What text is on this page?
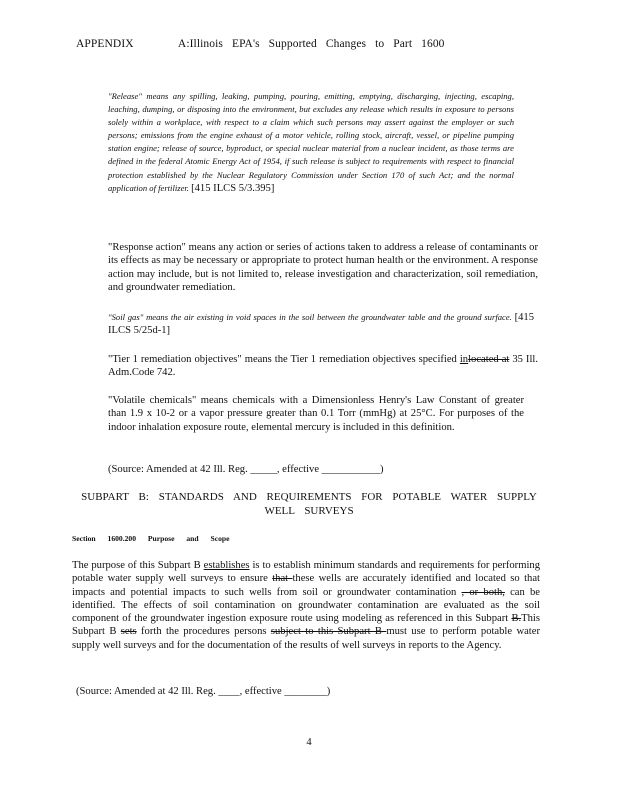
APPENDIX	A:Illinois EPA's Supported Changes to Part 1600
"Release" means any spilling, leaking, pumping, pouring, emitting, emptying, discharging, injecting, escaping, leaching, dumping, or disposing into the environment, but excludes any release which results in exposure to persons solely within a workplace, with respect to a claim which such persons may assert against the employer or such persons; emissions from the engine exhaust of a motor vehicle, rolling stock, aircraft, vessel, or pipeline pumping station engine; release of source, byproduct, or special nuclear material from a nuclear incident, as those terms are defined in the federal Atomic Energy Act of 1954, if such release is subject to requirements with respect to financial protection established by the Nuclear Regulatory Commission under Section 170 of such Act; and the normal application of fertilizer. [415 ILCS 5/3.395]
"Response action" means any action or series of actions taken to address a release of contaminants or its effects as may be necessary or appropriate to protect human health or the environment. A response action may include, but is not limited to, release investigation and characterization, soil remediation, and groundwater remediation.
"Soil gas" means the air existing in void spaces in the soil between the groundwater table and the ground surface. [415 ILCS 5/25d-1]
"Tier 1 remediation objectives" means the Tier 1 remediation objectives specified inlocated at 35 Ill. Adm.Code 742.
"Volatile chemicals" means chemicals with a Dimensionless Henry's Law Constant of greater than 1.9 x 10-2 or a vapor pressure greater than 0.1 Torr (mmHg) at 25°C. For purposes of the indoor inhalation exposure route, elemental mercury is included in this definition.
(Source: Amended at 42 Ill. Reg. _____, effective ___________)
SUBPART B: STANDARDS AND REQUIREMENTS FOR POTABLE WATER SUPPLY
WELL SURVEYS
Section 1600.200 Purpose and Scope
The purpose of this Subpart B establishes is to establish minimum standards and requirements for performing potable water supply well surveys to ensure that these wells are accurately identified and located so that impacts and potential impacts to such wells from soil or groundwater contamination , or both, can be identified. The effects of soil contamination on groundwater contamination are evaluated as the soil component of the groundwater ingestion exposure route using modeling as referenced in this Subpart B.This Subpart B sets forth the procedures persons subject to this Subpart B must use to perform potable water supply well surveys and for the documentation of the results of well surveys in reports to the Agency.
(Source: Amended at 42 Ill. Reg. ____, effective ________)
4
